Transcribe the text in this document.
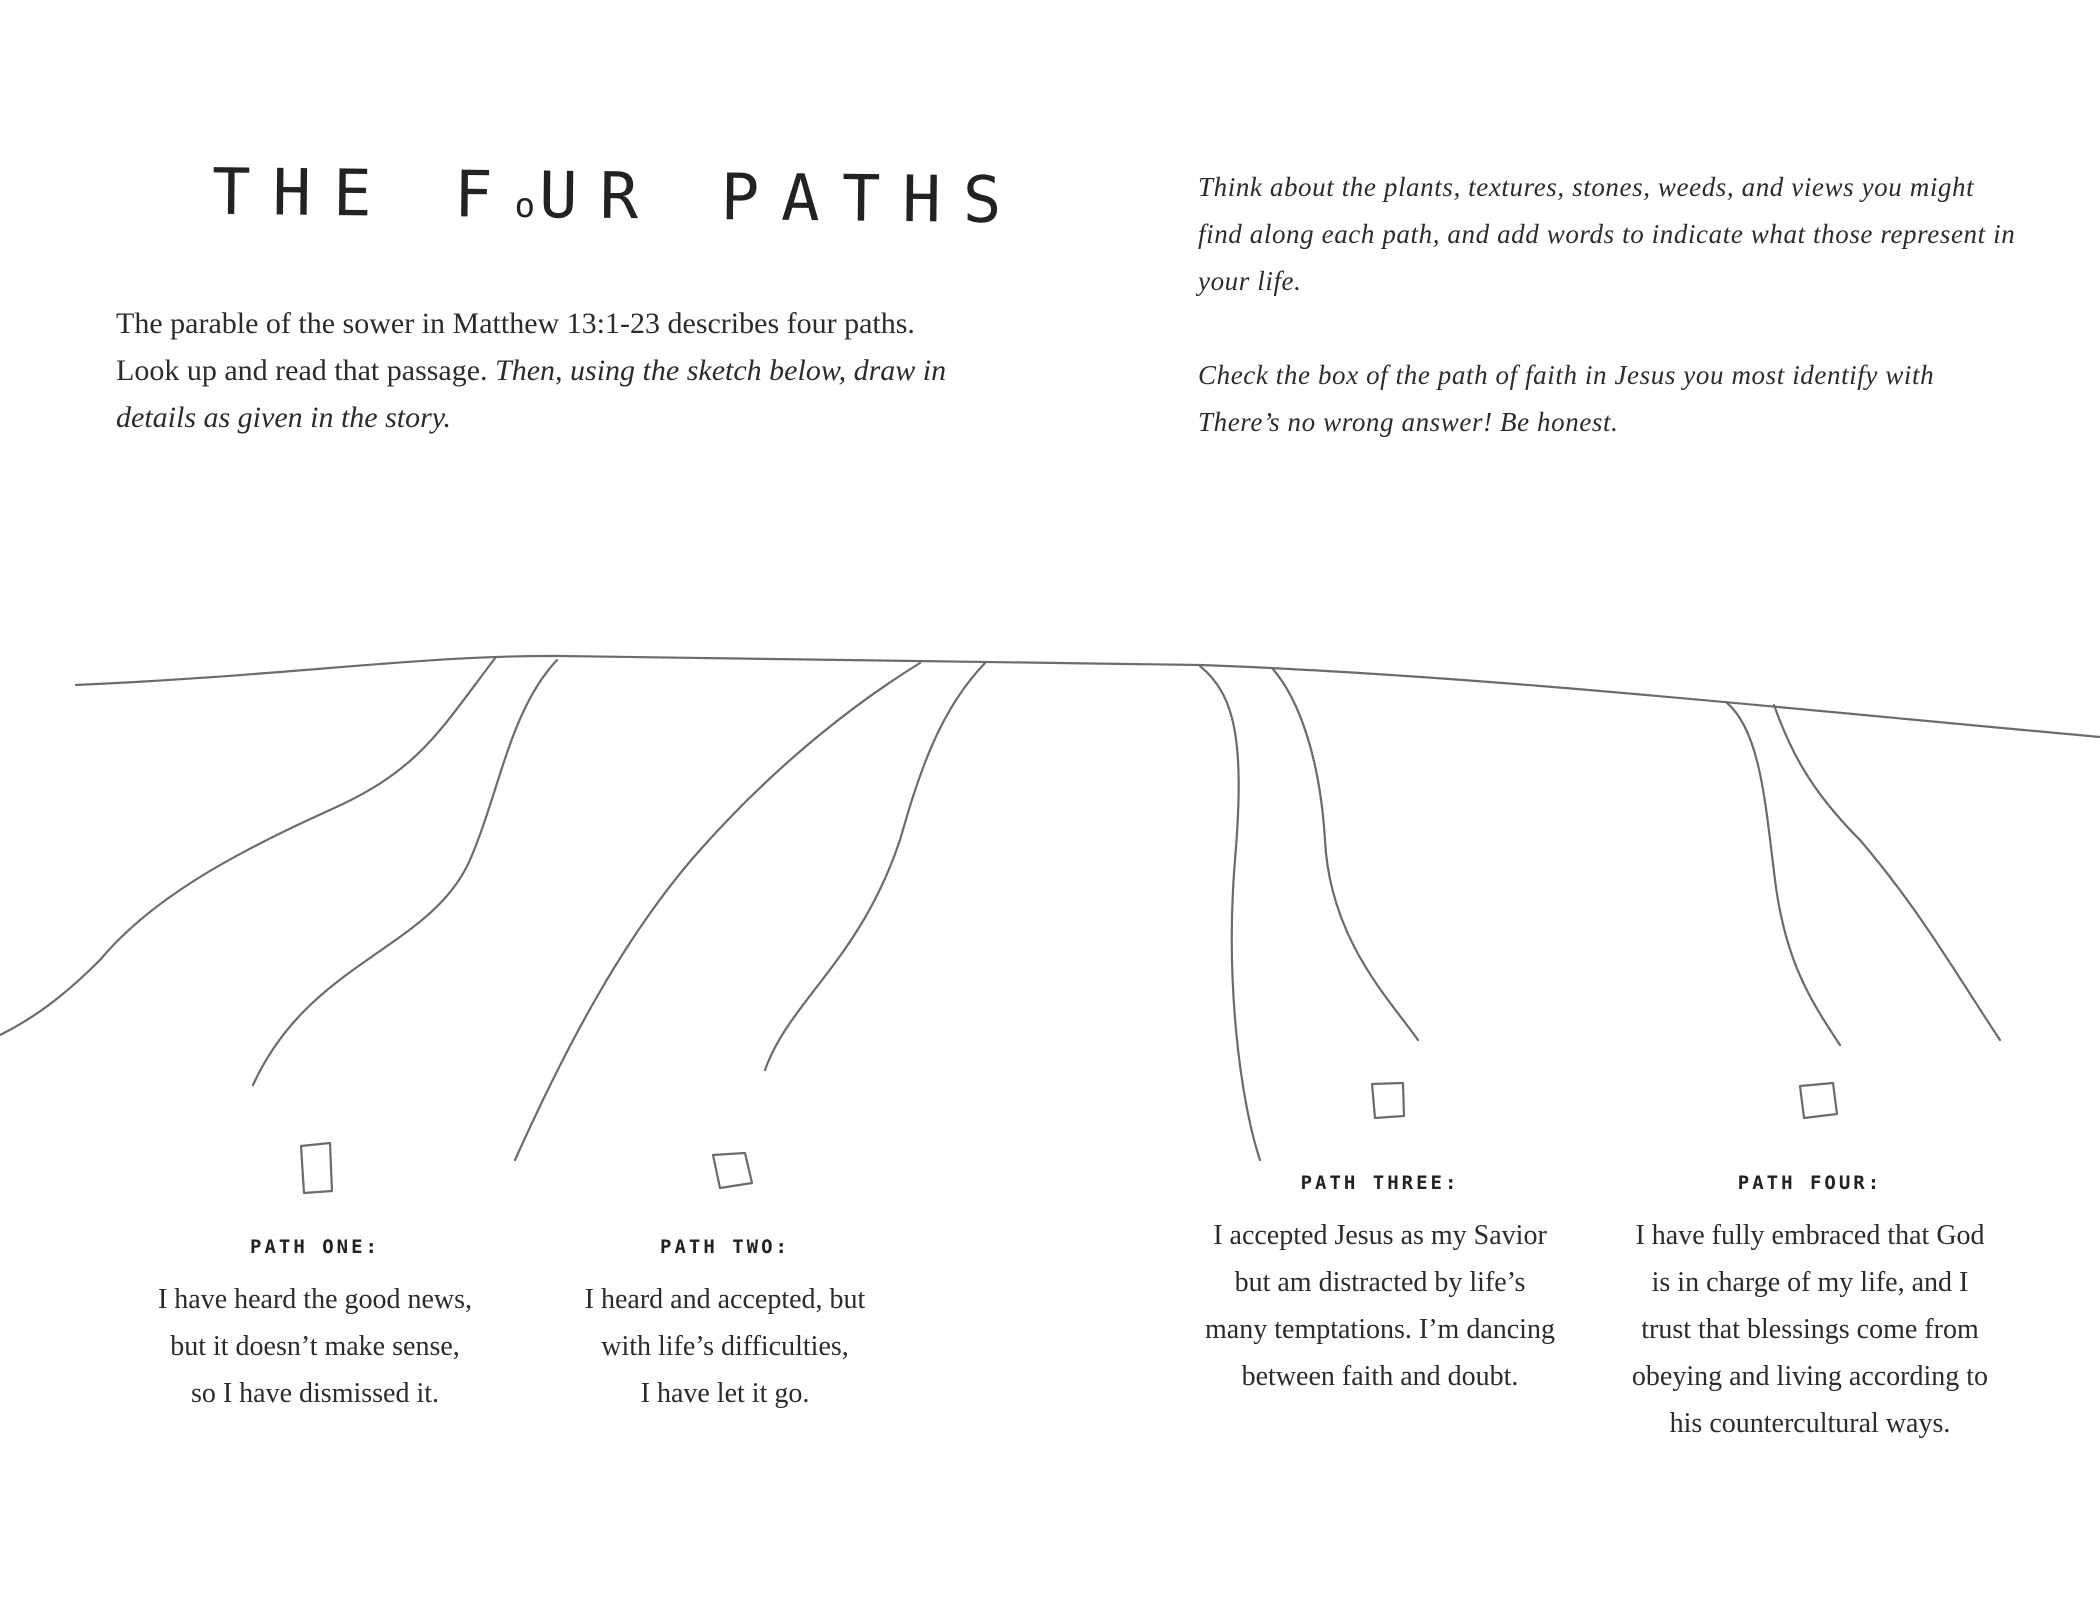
THE FoUR PATHS

The parable of the sower in Matthew 13:1-23 describes four paths. Look up and read that passage. Then, using the sketch below, draw in details as given in the story.

Think about the plants, textures, stones, weeds, and views you might find along each path, and add words to indicate what those represent in your life.

Check the box of the path of faith in Jesus you most identify with
There’s no wrong answer! Be honest.

PATH ONE:

I have heard the good news,
but it doesn’t make sense,
so I have dismissed it.

PATH TWO:

I heard and accepted, but
with life’s difficulties,
I have let it go.

PATH THREE:

I accepted Jesus as my Savior
but am distracted by life’s
many temptations. I’m dancing
between faith and doubt.

PATH FOUR:

I have fully embraced that God
is in charge of my life, and I
trust that blessings come from
obeying and living according to
his countercultural ways.
